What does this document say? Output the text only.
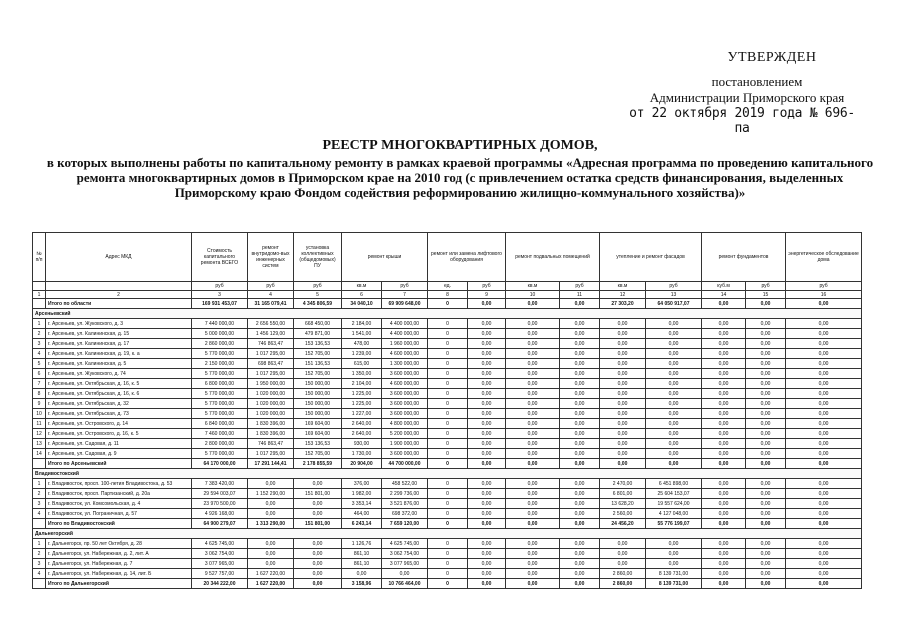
УТВЕРЖДЕН
постановлением
Администрации Приморского края
от 22 октября 2019 года № 696-па
РЕЕСТР МНОГОКВАРТИРНЫХ ДОМОВ,
в которых выполнены работы по капитальному ремонту в рамках краевой программы «Адресная программа по проведению капитального ремонта многоквартирных домов в Приморском крае на 2010 год (с привлечением остатка средств финансирования, выделенных Приморскому краю Фондом содействия реформированию жилищно-коммунального хозяйства)»
№ п/п	Адрес МКД	Стоимость капитального ремонта ВСЕГО	ремонт внутридомо-вых инженерных систем	установка коллективных (общедомовых) ПУ	ремонт крыши		ремонт или замена лифтового оборудования		ремонт подвальных помещений		утепление и ремонт фасадов		ремонт фундаментов		энергетическое обследование дома
		руб	руб	руб	кв.м	руб	ед.	руб	кв.м	руб	кв.м	руб	куб.м	руб	руб
1	2	3	4	5	6	7	8	9	10	11	12	13	14	15	16
	Итого по области	169 931 453,07	31 165 079,41	4 345 806,59	34 040,10	69 909 648,00	0	0,00	0,00	0,00	27 303,20	64 050 917,07	0,00	0,00	0,00
Арсеньевский															
1	г. Арсеньев, ул. Жуковского, д. 3	7 440 000,00	2 656 550,00	668 450,00	2 184,00	4 400 000,00	0	0,00	0,00	0,00	0,00	0,00	0,00	0,00	0,00
2	г. Арсеньев, ул. Калининская, д. 15	5 000 000,00	1 456 129,00	479 871,00	1 541,00	4 400 000,00	0	0,00	0,00	0,00	0,00	0,00	0,00	0,00	0,00
3	г. Арсеньев, ул. Калининская, д. 17	2 860 000,00	746 863,47	153 136,53	478,00	1 960 000,00	0	0,00	0,00	0,00	0,00	0,00	0,00	0,00	0,00
4	г. Арсеньев, ул. Калининская, д. 19, к. а	5 770 000,00	1 017 295,00	152 705,00	1 239,00	4 600 000,00	0	0,00	0,00	0,00	0,00	0,00	0,00	0,00	0,00
5	г. Арсеньев, ул. Калининская, д. 5	2 150 000,00	698 863,47	151 136,53	615,00	1 300 000,00	0	0,00	0,00	0,00	0,00	0,00	0,00	0,00	0,00
6	г. Арсеньев, ул. Жуковского, д. 74	5 770 000,00	1 017 295,00	152 705,00	1 350,00	3 600 000,00	0	0,00	0,00	0,00	0,00	0,00	0,00	0,00	0,00
7	г. Арсеньев, ул. Октябрьская, д. 16, к. 5	6 800 000,00	1 950 000,00	150 000,00	2 104,00	4 600 000,00	0	0,00	0,00	0,00	0,00	0,00	0,00	0,00	0,00
8	г. Арсеньев, ул. Октябрьская, д. 16, к. 6	5 770 000,00	1 020 000,00	150 000,00	1 225,00	3 600 000,00	0	0,00	0,00	0,00	0,00	0,00	0,00	0,00	0,00
9	г. Арсеньев, ул. Октябрьская, д. 32	5 770 000,00	1 020 000,00	150 000,00	1 225,00	3 600 000,00	0	0,00	0,00	0,00	0,00	0,00	0,00	0,00	0,00
10	г. Арсеньев, ул. Октябрьская, д. 73	5 770 000,00	1 020 000,00	150 000,00	1 227,00	3 600 000,00	0	0,00	0,00	0,00	0,00	0,00	0,00	0,00	0,00
11	г. Арсеньев, ул. Островского, д. 14	6 840 000,00	1 830 396,00	169 604,00	2 640,00	4 800 000,00	0	0,00	0,00	0,00	0,00	0,00	0,00	0,00	0,00
12	г. Арсеньев, ул. Островского, д. 16, к. 5	7 460 000,00	1 830 396,00	169 604,00	2 640,00	5 200 000,00	0	0,00	0,00	0,00	0,00	0,00	0,00	0,00	0,00
13	г. Арсеньев, ул. Садовая, д. 11	2 800 000,00	746 863,47	153 136,53	930,00	1 900 000,00	0	0,00	0,00	0,00	0,00	0,00	0,00	0,00	0,00
14	г. Арсеньев, ул. Садовая, д. 9	5 770 000,00	1 017 295,00	152 705,00	1 730,00	3 600 000,00	0	0,00	0,00	0,00	0,00	0,00	0,00	0,00	0,00
	Итого по Арсеньевский	64 170 000,00	17 291 144,41	2 178 855,59	20 904,00	44 700 000,00	0	0,00	0,00	0,00	0,00	0,00	0,00	0,00	0,00
Владивостокский															
1	г. Владивосток, просп. 100-летия Владивостока, д. 53	7 383 420,00	0,00	0,00	376,00	458 522,00	0	0,00	0,00	0,00	2 470,00	6 451 898,00	0,00	0,00	0,00
2	г. Владивосток, просп. Партизанский, д. 20а	29 594 003,07	1 152 290,00	151 801,00	1 982,00	2 299 736,00	0	0,00	0,00	0,00	6 801,00	25 604 153,07	0,00	0,00	0,00
3	г. Владивосток, ул. Комсомольская, д. 4	23 970 500,00	0,00	0,00	3 353,14	3 521 876,00	0	0,00	0,00	0,00	13 628,20	19 557 624,00	0,00	0,00	0,00
4	г. Владивосток, ул. Пограничная, д. 57	4 926 168,00	0,00	0,00	464,00	698 372,00	0	0,00	0,00	0,00	2 560,00	4 127 048,00	0,00	0,00	0,00
	Итого по Владивостокский	64 900 279,07	1 313 290,00	151 801,00	6 243,14	7 659 120,00	0	0,00	0,00	0,00	24 456,20	55 776 199,07	0,00	0,00	0,00
Дальнегорский															
1	г. Дальнегорск, пр. 50 лет Октября, д. 28	4 625 745,00	0,00	0,00	1 126,76	4 625 745,00	0	0,00	0,00	0,00	0,00	0,00	0,00	0,00	0,00
2	г. Дальнегорск, ул. Набережная, д. 2, лит. А	3 062 754,00	0,00	0,00	861,10	3 062 754,00	0	0,00	0,00	0,00	0,00	0,00	0,00	0,00	0,00
3	г. Дальнегорск, ул. Набережная, д. 7	3 077 965,00	0,00	0,00	861,10	3 077 965,00	0	0,00	0,00	0,00	0,00	0,00	0,00	0,00	0,00
4	г. Дальнегорск, ул. Набережная, д. 14, лит. Б	9 527 757,00	1 627 220,00	0,00	0,00	0,00	0	0,00	0,00	0,00	2 860,00	8 139 731,00	0,00	0,00	0,00
	Итого по Дальнегорский	20 344 222,00	1 627 220,00	0,00	3 158,96	10 766 464,00	0	0,00	0,00	0,00	2 860,00	8 139 731,00	0,00	0,00	0,00
